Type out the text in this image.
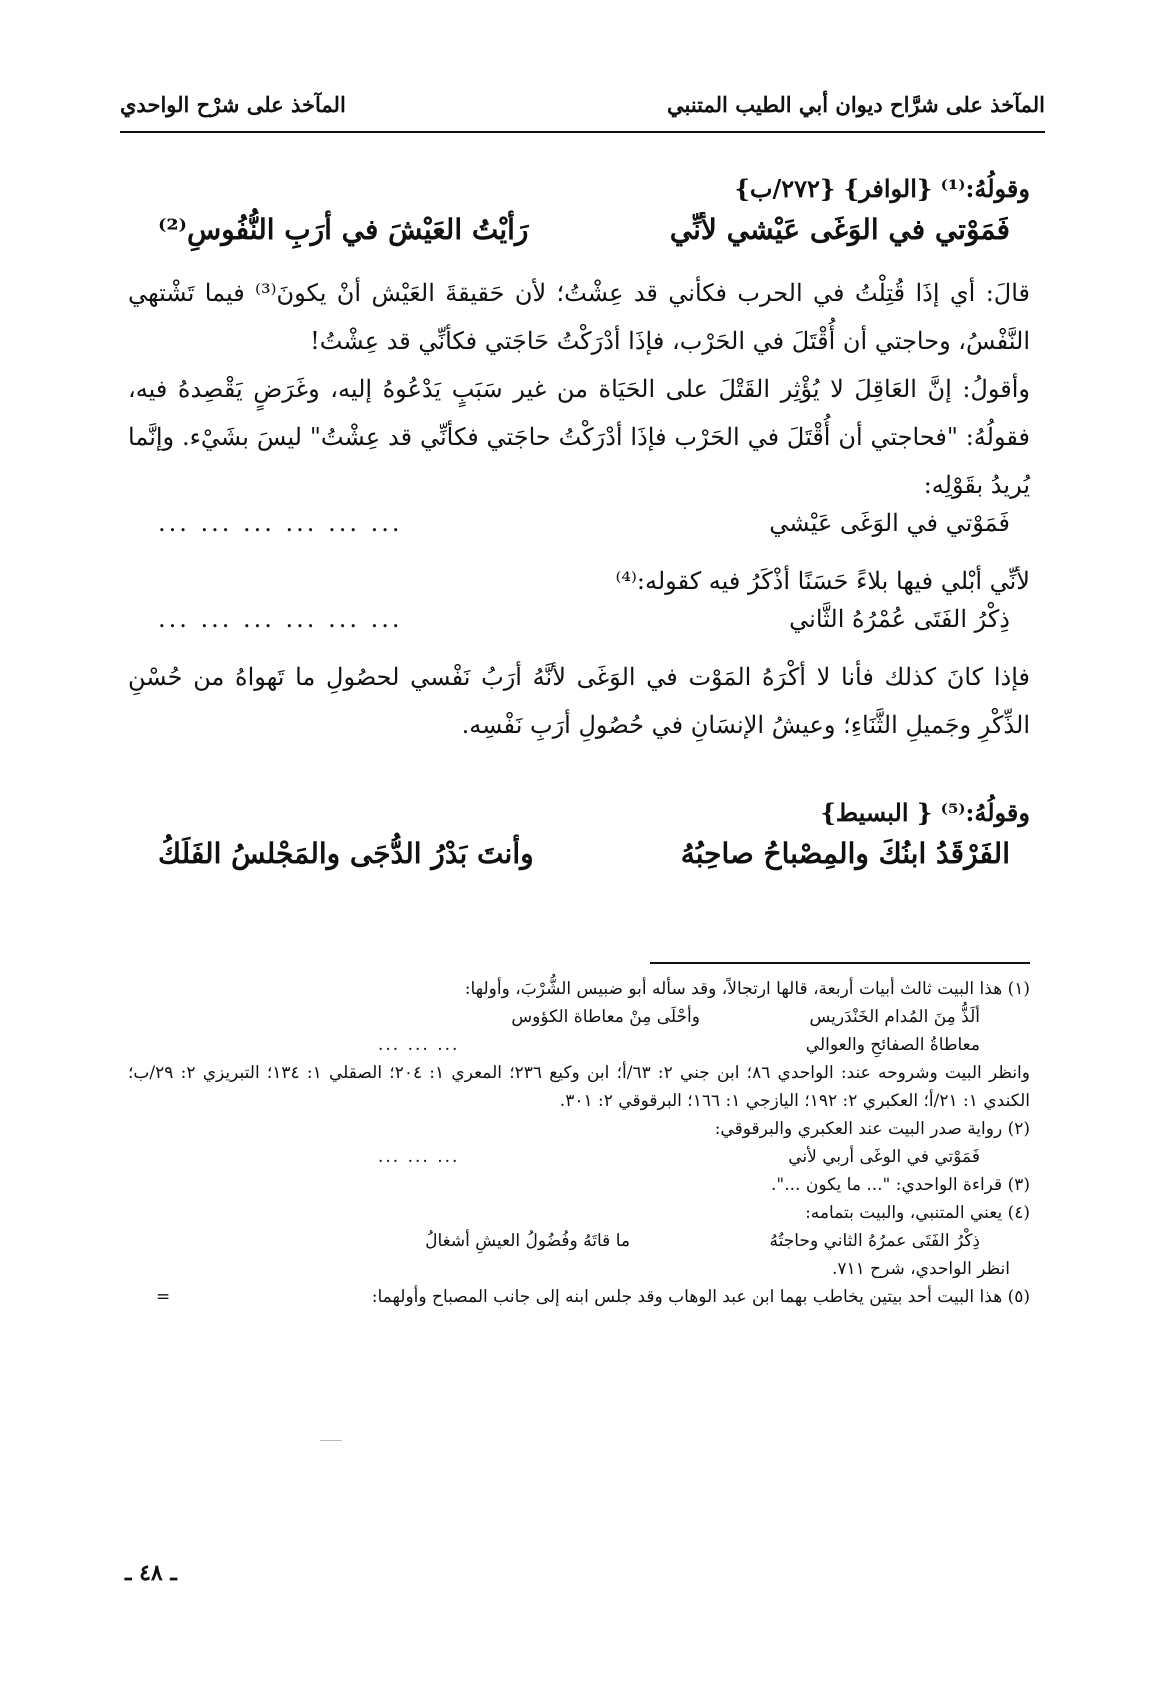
المآخذ على شرَّاح ديوان أبي الطيب المتنبي
المآخذ على شرْح الواحدي

وقولُهُ:⁽¹⁾ {الوافر} {٢٧٢/ب}

فَمَوْتي في الوَغَى عَيْشي لأنِّي
رَأيْتُ العَيْشَ في أرَبِ النُّفُوسِ⁽²⁾

قالَ: أي إذَا قُتِلْتُ في الحرب فكأني قد عِشْتُ؛ لأن حَقيقةَ العَيْش أنْ يكونَ⁽³⁾ فيما تَشْتهي النَّفْسُ، وحاجتي أن أُقْتَلَ في الحَرْب، فإذَا أدْرَكْتُ حَاجَتي فكأنِّي قد عِشْتُ!

وأقولُ: إنَّ العَاقِلَ لا يُؤْثِر القَتْلَ على الحَيَاة من غير سَبَبٍ يَدْعُوهُ إليه، وغَرَضٍ يَقْصِدهُ فيه، فقولُهُ: "فحاجتي أن أُقْتَلَ في الحَرْب فإذَا أدْرَكْتُ حاجَتي فكأنِّي قد عِشْتُ" ليسَ بشَيْء. وإنَّما يُريدُ بقَوْلِه:

فَمَوْتي في الوَغَى عَيْشي
... ... ... ... ... ...

لأنِّي أبْلي فيها بلاءً حَسَنًا أذْكَرُ فيه كقوله:⁽⁴⁾

ذِكْرُ الفَتَى عُمْرُهُ الثَّاني
... ... ... ... ... ...

فإذا كانَ كذلك فأنا لا أكْرَهُ المَوْت في الوَغَى لأنَّهُ أرَبُ نَفْسي لحصُولِ ما تَهواهُ من حُسْنِ الذِّكْرِ وجَميلِ الثَّنَاءِ؛ وعيشُ الإنسَانِ في حُصُولِ أرَبِ نَفْسِه.

وقولُهُ:⁽⁵⁾ { البسيط}

الفَرْقَدُ ابنُكَ والمِصْباحُ صاحِبُهُ
وأنتَ بَدْرُ الدُّجَى والمَجْلسُ الفَلَكُ

(١) هذا البيت ثالث أبيات أربعة، قالها ارتجالاً، وقد سأله أبو ضبيس الشُّرْبَ، وأولها:

ألَذُّ مِنَ المُدام الخَنْدَريس
وأحْلَى مِنْ معاطاة الكؤوس
معاطاةُ الصفائحِ والعوالي
... ... ...

وانظر البيت وشروحه عند: الواحدي ٨٦؛ ابن جني ٢: ٦٣/أ؛ ابن وكيع ٢٣٦؛ المعري ١: ٢٠٤؛ الصقلي ١: ١٣٤؛ التبريزي ٢: ٢٩/ب؛ الكندي ١: ٢١/أ؛ العكبري ٢: ١٩٢؛ اليازجي ١: ١٦٦؛ البرقوقي ٢: ٣٠١.

(٢) رواية صدر البيت عند العكبري والبرقوقي:

فَمَوْتي في الوغَى أربي لأني
... ... ...

(٣) قراءة الواحدي: "... ما يكون ...".

(٤) يعني المتنبي، والبيت بتمامه:

ذِكْرُ الفَتَى عمرُهُ الثاني وحاجتُهُ
ما قاتَهُ وفُضُولُ العيشِ أشغالُ

انظر الواحدي، شرح ٧١١.

(٥) هذا البيت أحد بيتين يخاطب بهما ابن عبد الوهاب وقد جلس ابنه إلى جانب المصباح وأولهما:
=

ـ ٤٨ ـ
